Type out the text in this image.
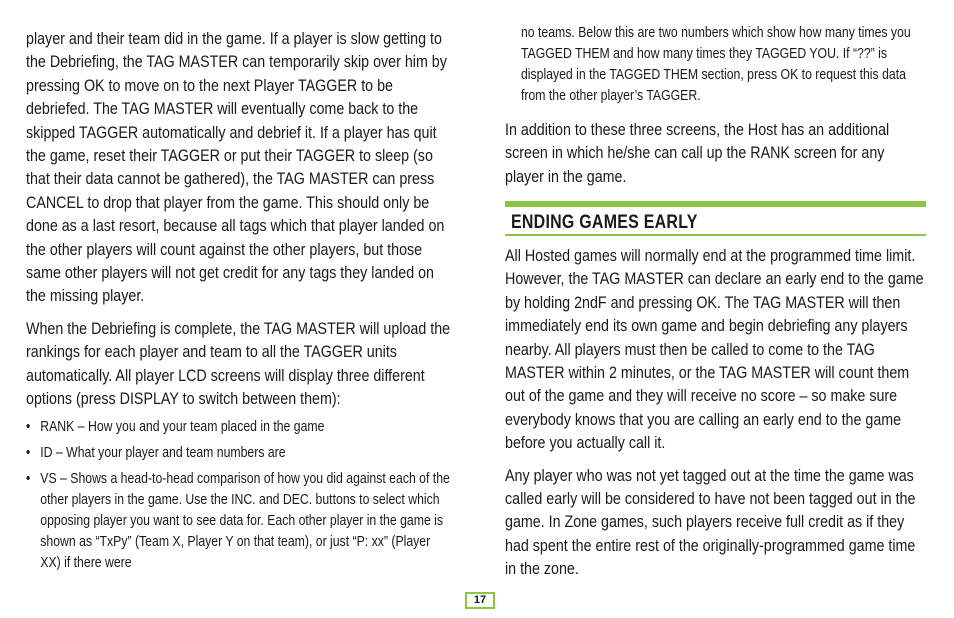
player and their team did in the game. If a player is slow getting to the Debriefing, the TAG MASTER can temporarily skip over him by pressing OK to move on to the next Player TAGGER to be debriefed. The TAG MASTER will eventually come back to the skipped TAGGER automatically and debrief it. If a player has quit the game, reset their TAGGER or put their TAGGER to sleep (so that their data cannot be gathered), the TAG MASTER can press CANCEL to drop that player from the game. This should only be done as a last resort, because all tags which that player landed on the other players will count against the other players, but those same other players will not get credit for any tags they landed on the missing player.

When the Debriefing is complete, the TAG MASTER will upload the rankings for each player and team to all the TAGGER units automatically. All player LCD screens will display three different options (press DISPLAY to switch between them):

• RANK – How you and your team placed in the game
• ID – What your player and team numbers are
• VS – Shows a head-to-head comparison of how you did against each of the other players in the game. Use the INC. and DEC. buttons to select which opposing player you want to see data for. Each other player in the game is shown as “TxPy” (Team X, Player Y on that team), or just “P: xx” (Player XX) if there were

no teams. Below this are two numbers which show how many times you TAGGED THEM and how many times they TAGGED YOU. If “??” is displayed in the TAGGED THEM section, press OK to request this data from the other player’s TAGGER.

In addition to these three screens, the Host has an additional screen in which he/she can call up the RANK screen for any player in the game.

ENDING GAMES EARLY

All Hosted games will normally end at the programmed time limit. However, the TAG MASTER can declare an early end to the game by holding 2ndF and pressing OK. The TAG MASTER will then immediately end its own game and begin debriefing any players nearby. All players must then be called to come to the TAG MASTER within 2 minutes, or the TAG MASTER will count them out of the game and they will receive no score – so make sure everybody knows that you are calling an early end to the game before you actually call it.

Any player who was not yet tagged out at the time the game was called early will be considered to have not been tagged out in the game. In Zone games, such players receive full credit as if they had spent the entire rest of the originally-programmed game time in the zone.

17
